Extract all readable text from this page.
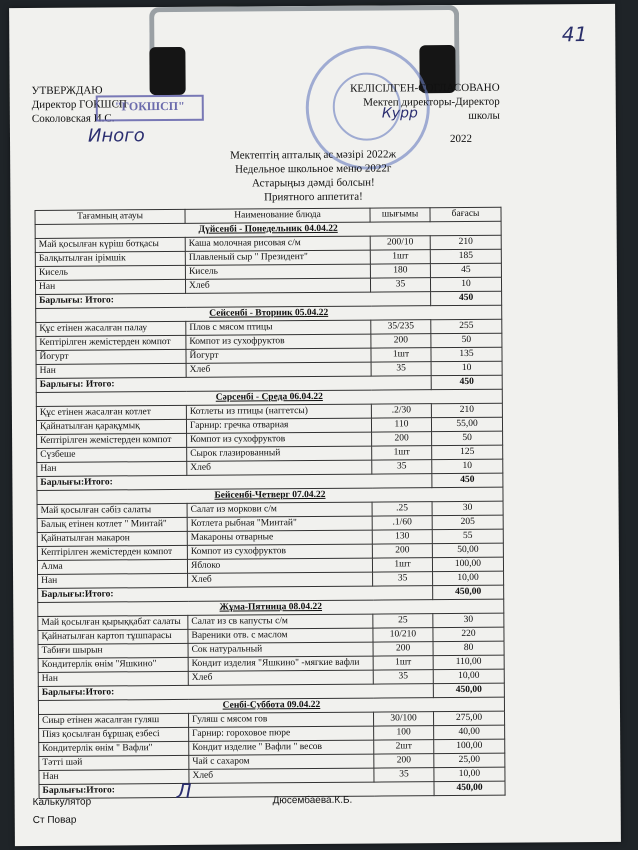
41
УТВЕРЖДАЮ
Директор ГОКШСП
Соколовская И.С.
"ГОКШСП"
Иного
КЕЛІСІЛГЕН-СОГЛАСОВАНО
Мектеп директоры-Директор школы
Курр
2022
Мектептің апталық ас мәзірі 2022ж
Недельное школьное меню 2022г
Астарыңыз дәмді болсын!
Приятного аппетита!
Тағамның атауы	Наименование блюда	шығымы	бағасы
Дүйсенбі - Понедельник 04.04.22			
Май қосылған күріш ботқасы	Каша молочная рисовая с/м	200/10	210
Балқытылған ірімшік	Плавленый сыр " Президент"	1шт	185
Кисель	Кисель	180	45
Нан	Хлеб	35	10
Барлығы: Итого:			450
Сейсенбі - Вторник 05.04.22			
Құс етінен жасалған палау	Плов с мясом птицы	35/235	255
Кептірілген жемістерден компот	Компот из сухофруктов	200	50
Йогурт	Йогурт	1шт	135
Нан	Хлеб	35	10
Барлығы: Итого:			450
Сәрсенбі - Среда 06.04.22			
Құс етінен жасалған котлет	Котлеты из птицы (наггетсы)	.2/30	210
Қайнатылған қарақұмық	Гарнир: гречка отварная	110	55,00
Кептірілген жемістерден компот	Компот из сухофруктов	200	50
Сүзбеше	Сырок глазированный	1шт	125
Нан	Хлеб	35	10
Барлығы:Итого:			450
Бейсенбі-Четверг 07.04.22			
Май қосылған сәбіз салаты	Салат из моркови с/м	.25	30
Балық етінен котлет " Минтай"	Котлета рыбная "Минтай"	.1/60	205
Қайнатылған макарон	Макароны отварные	130	55
Кептірілген жемістерден компот	Компот из сухофруктов	200	50,00
Алма	Яблоко	1шт	100,00
Нан	Хлеб	35	10,00
Барлығы:Итого:			450,00
Жұма-Пятница 08.04.22			
Май қосылған қырыққабат салаты	Салат из св капусты с/м	25	30
Қайнатылған картоп тұшпарасы	Вареники отв. с маслом	10/210	220
Табиғи шырын	Сок натуральный	200	80
Кондитерлік өнім "Яшкино"	Кондит изделия "Яшкино" -мягкие вафли	1шт	110,00
Нан	Хлеб	35	10,00
Барлығы:Итого:			450,00
Сенбі-Суббота 09.04.22			
Сиыр етінен жасалған гуляш	Гуляш с мясом гов	30/100	275,00
Піяз қосылған бұршақ езбесі	Гарнир: гороховое пюре	100	40,00
Кондитерлік өнім " Вафли"	Кондит изделие " Вафли " весов	2шт	100,00
Тәтті шәй	Чай с сахаром	200	25,00
Нан	Хлеб	35	10,00
Барлығы:Итого:			450,00
Калькулятор
Ст Повар
Л	Дюсембаева.К.Б.
